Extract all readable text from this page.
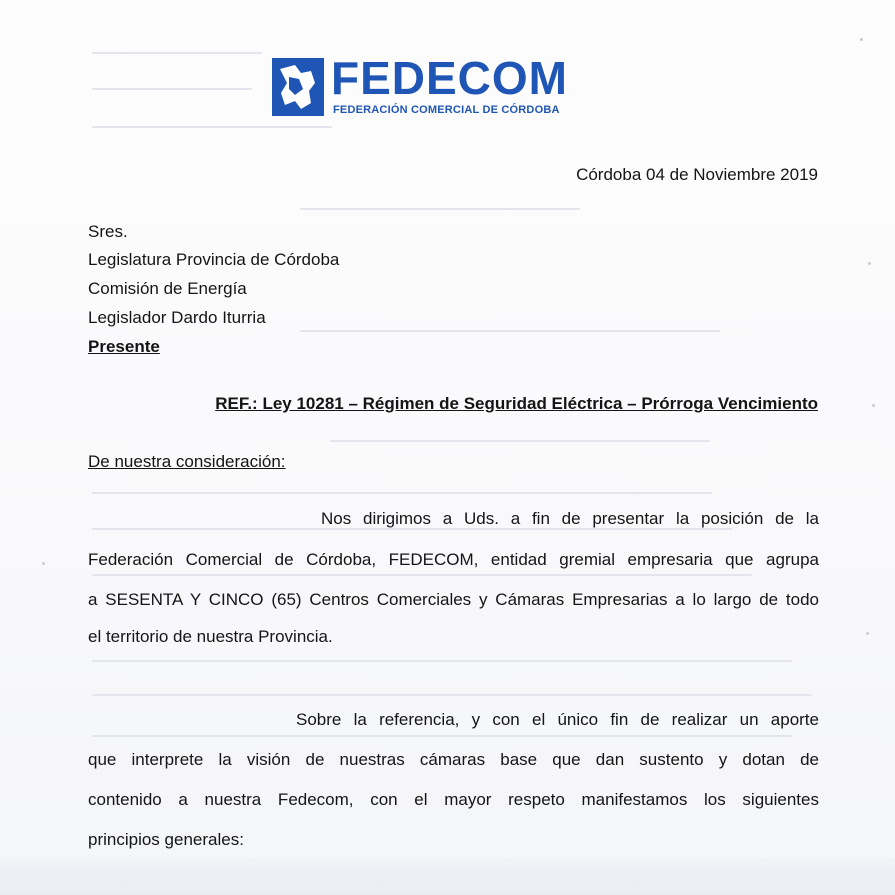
FEDECOM
FEDERACIÓN COMERCIAL DE CÓRDOBA
Córdoba 04 de Noviembre 2019
Sres.
Legislatura Provincia de Córdoba
Comisión de Energía
Legislador Dardo Iturria
Presente
REF.: Ley 10281 – Régimen de Seguridad Eléctrica – Prórroga Vencimiento
De nuestra consideración:
Nos dirigimos a Uds. a fin de presentar la posición de la
Federación Comercial de Córdoba, FEDECOM, entidad gremial empresaria que agrupa
a SESENTA Y CINCO (65) Centros Comerciales y Cámaras Empresarias a lo largo de todo
el territorio de nuestra Provincia.
Sobre la referencia, y con el único fin de realizar un aporte
que interprete la visión de nuestras cámaras base que dan sustento y dotan de
contenido a nuestra Fedecom, con el mayor respeto manifestamos los siguientes
principios generales:
